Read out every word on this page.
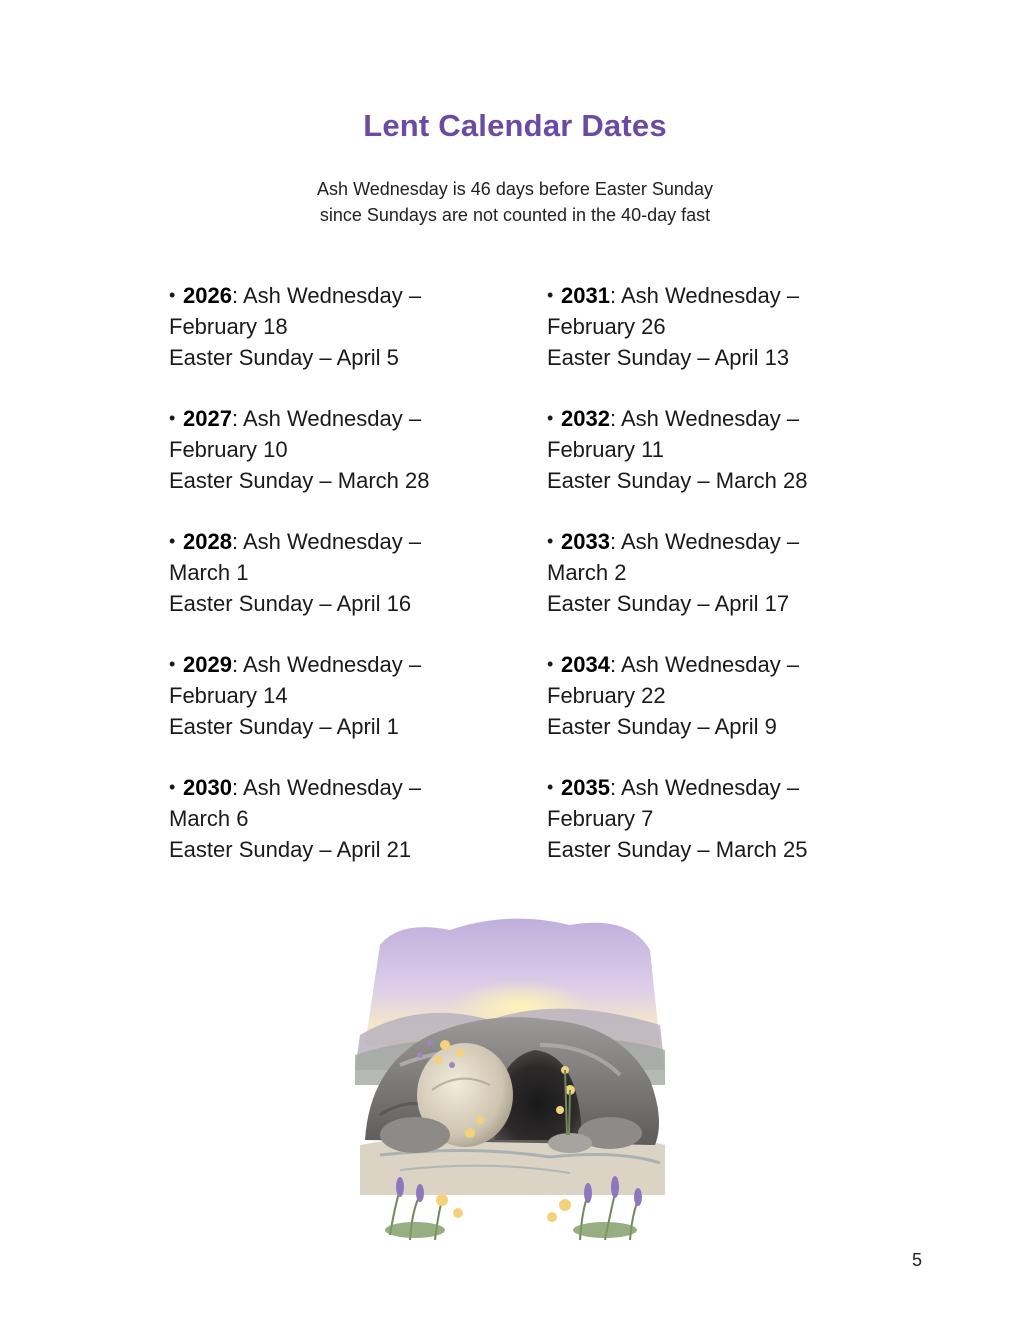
Lent Calendar Dates
Ash Wednesday is 46 days before Easter Sunday
since Sundays are not counted in the 40-day fast
• 2026: Ash Wednesday –
February 18
Easter Sunday – April 5
• 2027: Ash Wednesday –
February 10
Easter Sunday – March 28
• 2028: Ash Wednesday –
March 1
Easter Sunday – April 16
• 2029: Ash Wednesday –
February 14
Easter Sunday – April 1
• 2030: Ash Wednesday –
March 6
Easter Sunday – April 21
• 2031: Ash Wednesday –
February 26
Easter Sunday – April 13
• 2032: Ash Wednesday –
February 11
Easter Sunday – March 28
• 2033: Ash Wednesday –
March 2
Easter Sunday – April 17
• 2034: Ash Wednesday –
February 22
Easter Sunday – April 9
• 2035: Ash Wednesday –
February 7
Easter Sunday – March 25
5
